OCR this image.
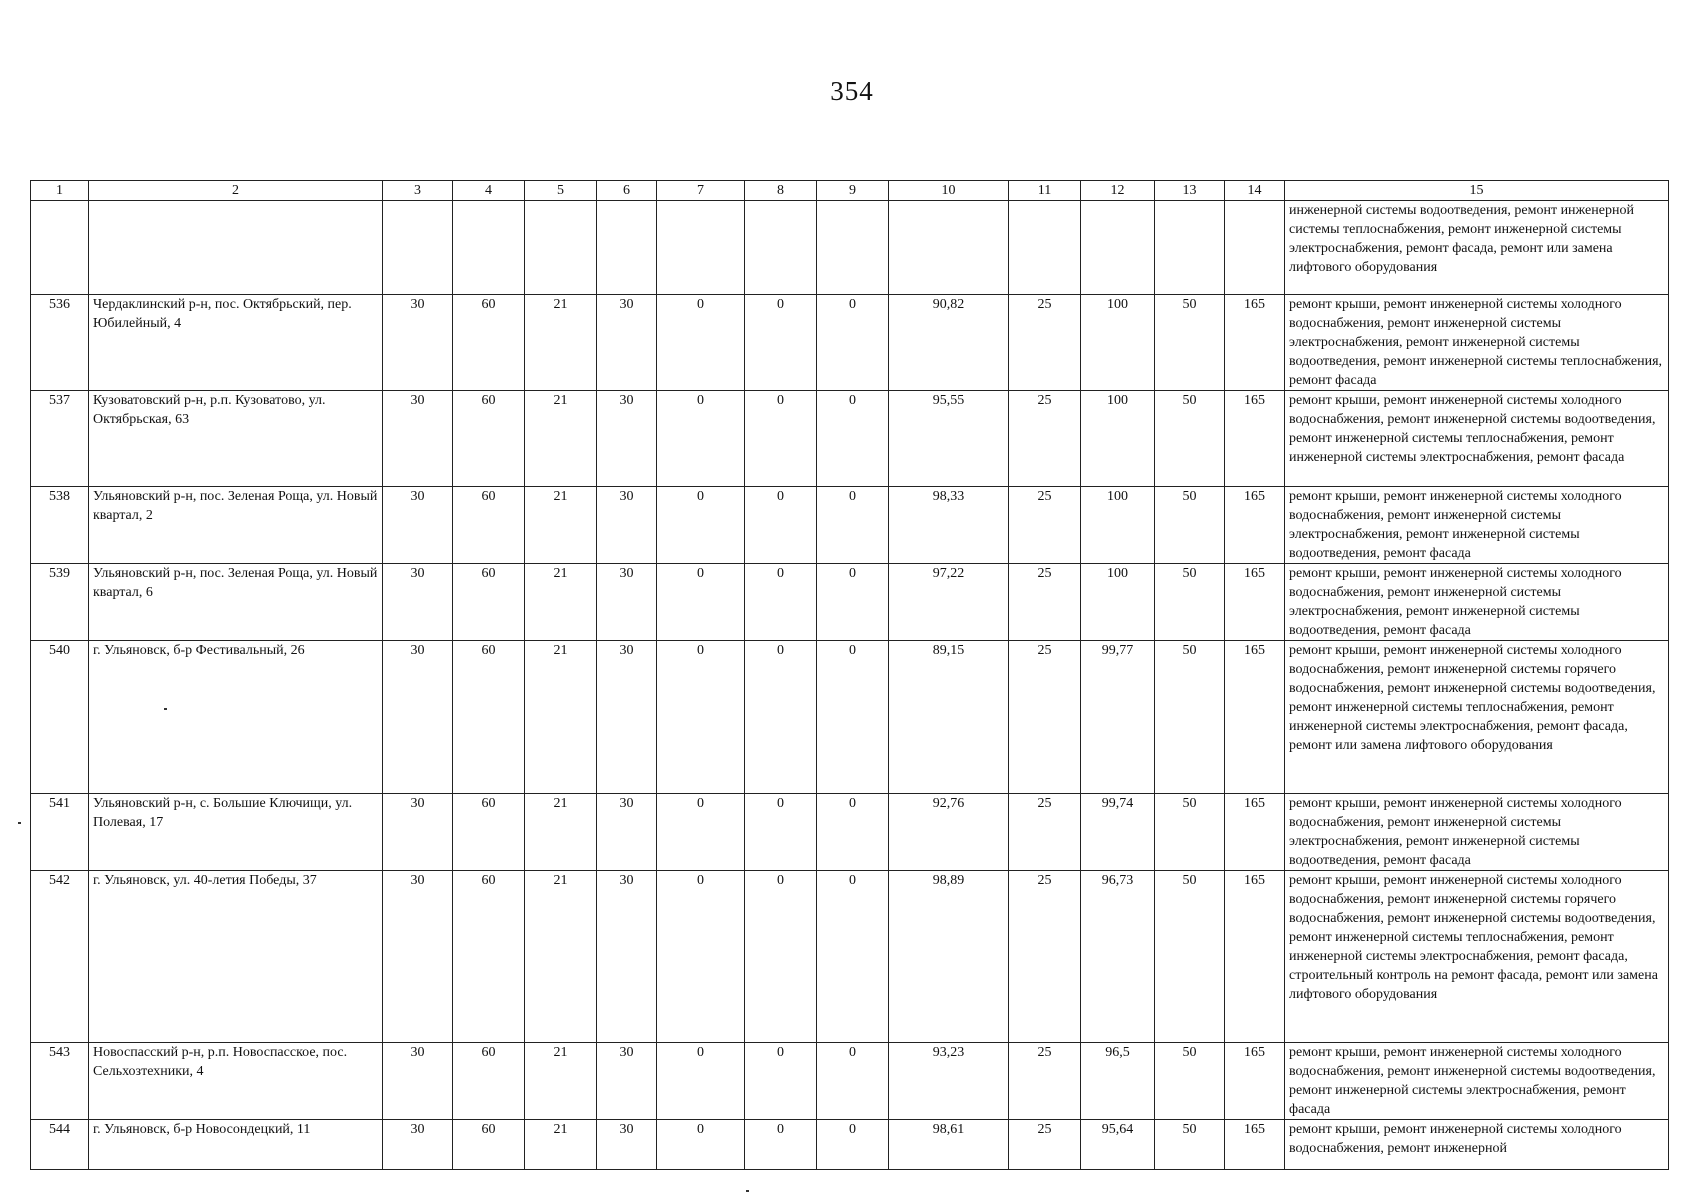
354
1	2	3	4	5	6	7	8	9	10	11	12	13	14	15
														инженерной системы водоотведения, ремонт инженерной системы теплоснабжения, ремонт инженерной системы электроснабжения, ремонт фасада, ремонт или замена лифтового оборудования
536	Чердаклинский р-н, пос. Октябрьский, пер. Юбилейный, 4	30	60	21	30	0	0	0	90,82	25	100	50	165	ремонт крыши, ремонт инженерной системы холодного водоснабжения, ремонт инженерной системы электроснабжения, ремонт инженерной системы водоотведения, ремонт инженерной системы теплоснабжения, ремонт фасада
537	Кузоватовский р-н, р.п. Кузоватово, ул. Октябрьская, 63	30	60	21	30	0	0	0	95,55	25	100	50	165	ремонт крыши, ремонт инженерной системы холодного водоснабжения, ремонт инженерной системы водоотведения, ремонт инженерной системы теплоснабжения, ремонт инженерной системы электроснабжения, ремонт фасада
538	Ульяновский р-н, пос. Зеленая Роща, ул. Новый квартал, 2	30	60	21	30	0	0	0	98,33	25	100	50	165	ремонт крыши, ремонт инженерной системы холодного водоснабжения, ремонт инженерной системы электроснабжения, ремонт инженерной системы водоотведения, ремонт фасада
539	Ульяновский р-н, пос. Зеленая Роща, ул. Новый квартал, 6	30	60	21	30	0	0	0	97,22	25	100	50	165	ремонт крыши, ремонт инженерной системы холодного водоснабжения, ремонт инженерной системы электроснабжения, ремонт инженерной системы водоотведения, ремонт фасада
540	г. Ульяновск, б-р Фестивальный, 26	30	60	21	30	0	0	0	89,15	25	99,77	50	165	ремонт крыши, ремонт инженерной системы холодного водоснабжения, ремонт инженерной системы горячего водоснабжения, ремонт инженерной системы водоотведения, ремонт инженерной системы теплоснабжения, ремонт инженерной системы электроснабжения, ремонт фасада, ремонт или замена лифтового оборудования
541	Ульяновский р-н, с. Большие Ключищи, ул. Полевая, 17	30	60	21	30	0	0	0	92,76	25	99,74	50	165	ремонт крыши, ремонт инженерной системы холодного водоснабжения, ремонт инженерной системы электроснабжения, ремонт инженерной системы водоотведения, ремонт фасада
542	г. Ульяновск, ул. 40-летия Победы, 37	30	60	21	30	0	0	0	98,89	25	96,73	50	165	ремонт крыши, ремонт инженерной системы холодного водоснабжения, ремонт инженерной системы горячего водоснабжения, ремонт инженерной системы водоотведения, ремонт инженерной системы теплоснабжения, ремонт инженерной системы электроснабжения, ремонт фасада, строительный контроль на ремонт фасада, ремонт или замена лифтового оборудования
543	Новоспасский р-н, р.п. Новоспасское, пос. Сельхозтехники, 4	30	60	21	30	0	0	0	93,23	25	96,5	50	165	ремонт крыши, ремонт инженерной системы холодного водоснабжения, ремонт инженерной системы водоотведения, ремонт инженерной системы электроснабжения, ремонт фасада
544	г. Ульяновск, б-р Новосондецкий, 11	30	60	21	30	0	0	0	98,61	25	95,64	50	165	ремонт крыши, ремонт инженерной системы холодного водоснабжения, ремонт инженерной
